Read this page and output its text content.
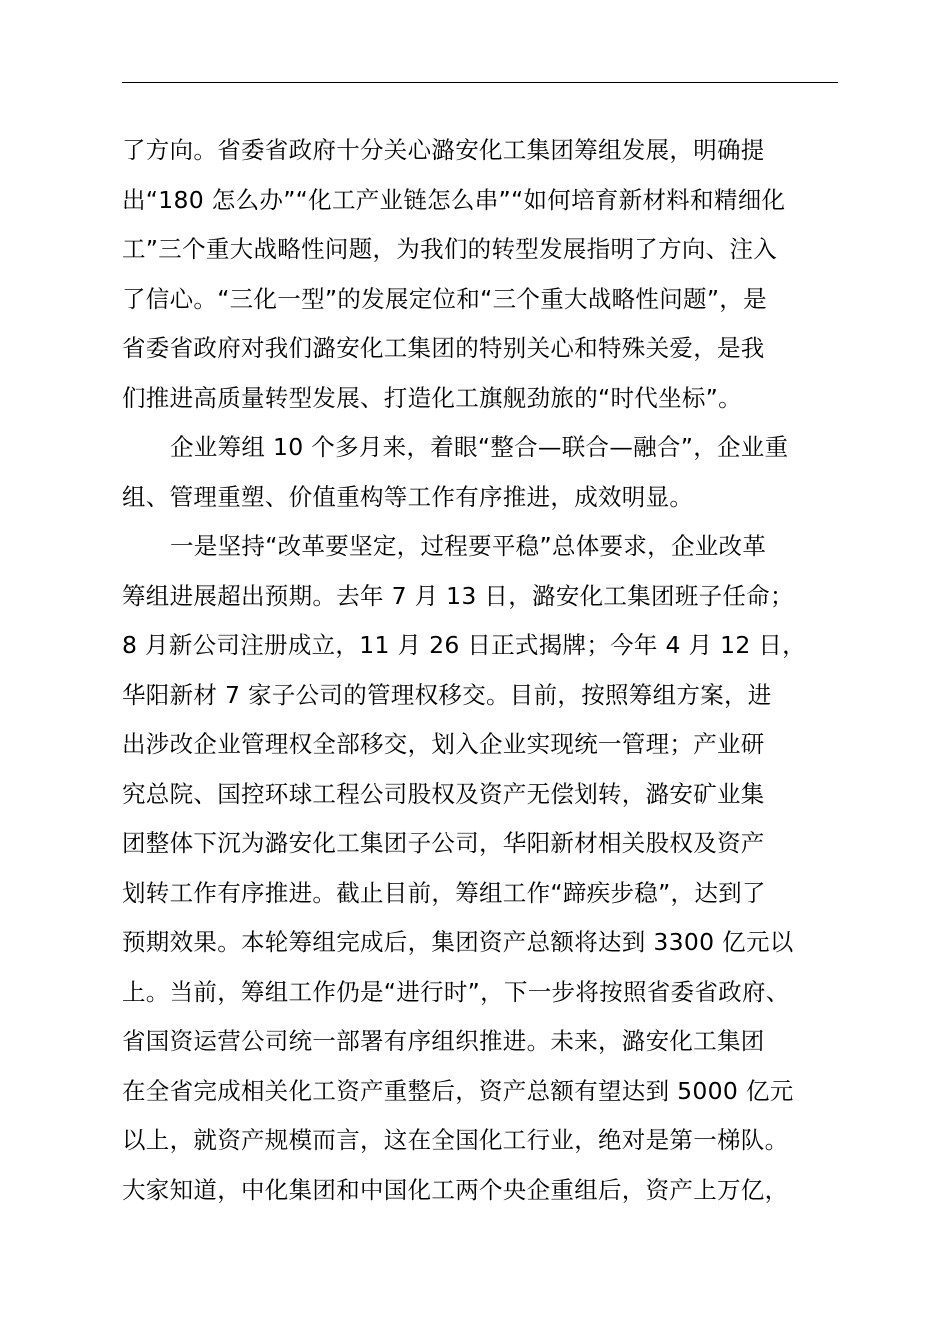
了方向。省委省政府十分关心潞安化工集团筹组发展，明确提
出“180 怎么办”“化工产业链怎么串”“如何培育新材料和精细化
工”三个重大战略性问题，为我们的转型发展指明了方向、注入
了信心。“三化一型”的发展定位和“三个重大战略性问题”，是
省委省政府对我们潞安化工集团的特别关心和特殊关爱，是我
们推进高质量转型发展、打造化工旗舰劲旅的“时代坐标”。
企业筹组 10 个多月来，着眼“整合—联合—融合”，企业重
组、管理重塑、价值重构等工作有序推进，成效明显。
一是坚持“改革要坚定，过程要平稳”总体要求，企业改革
筹组进展超出预期。去年 7 月 13 日，潞安化工集团班子任命；
8 月新公司注册成立，11 月 26 日正式揭牌；今年 4 月 12 日，
华阳新材 7 家子公司的管理权移交。目前，按照筹组方案，进
出涉改企业管理权全部移交，划入企业实现统一管理；产业研
究总院、国控环球工程公司股权及资产无偿划转，潞安矿业集
团整体下沉为潞安化工集团子公司，华阳新材相关股权及资产
划转工作有序推进。截止目前，筹组工作“蹄疾步稳”，达到了
预期效果。本轮筹组完成后，集团资产总额将达到 3300 亿元以
上。当前，筹组工作仍是“进行时”，下一步将按照省委省政府、
省国资运营公司统一部署有序组织推进。未来，潞安化工集团
在全省完成相关化工资产重整后，资产总额有望达到 5000 亿元
以上，就资产规模而言，这在全国化工行业，绝对是第一梯队。
大家知道，中化集团和中国化工两个央企重组后，资产上万亿，
